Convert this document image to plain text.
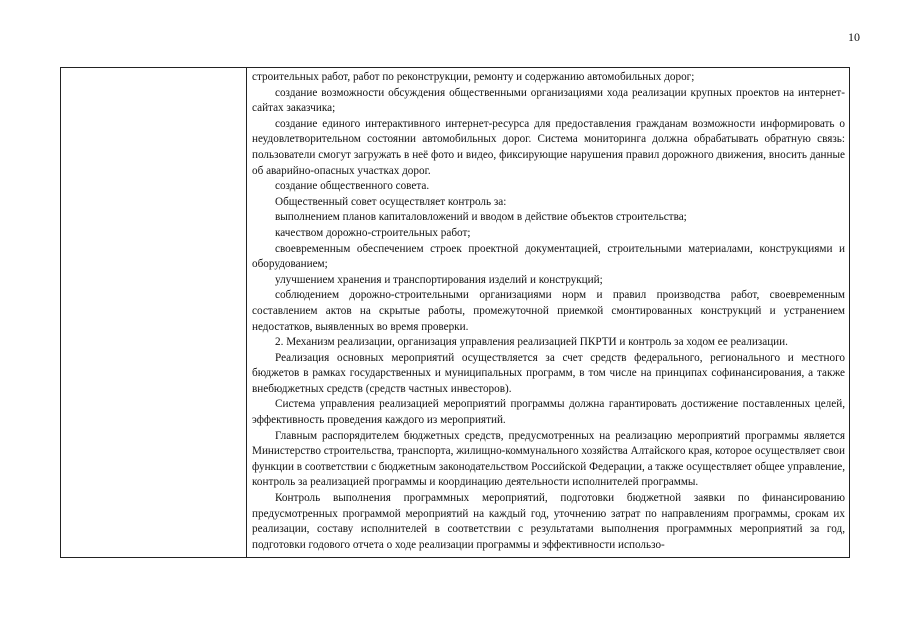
10

строительных работ, работ по реконструкции, ремонту и содержанию автомобильных дорог;

создание возможности обсуждения общественными организациями хода реализации крупных проектов на интернет-сайтах заказчика;

создание единого интерактивного интернет-ресурса для предоставления гражданам возможности информировать о неудовлетворительном состоянии автомобильных дорог. Система мониторинга должна обрабатывать обратную связь: пользователи смогут загружать в неё фото и видео, фиксирующие нарушения правил дорожного движения, вносить данные об аварийно-опасных участках дорог.

создание общественного совета.

Общественный совет осуществляет контроль за:

выполнением планов капиталовложений и вводом в действие объектов строительства;

качеством дорожно-строительных работ;

своевременным обеспечением строек проектной документацией, строительными материалами, конструкциями и оборудованием;

улучшением хранения и транспортирования изделий и конструкций;

соблюдением дорожно-строительными организациями норм и правил производства работ, своевременным составлением актов на скрытые работы, промежуточной приемкой смонтированных конструкций и устранением недостатков, выявленных во время проверки.

2. Механизм реализации, организация управления реализацией ПКРТИ и контроль за ходом ее реализации.

Реализация основных мероприятий осуществляется за счет средств федерального, регионального и местного бюджетов в рамках государственных и муниципальных программ, в том числе на принципах софинансирования, а также внебюджетных средств (средств частных инвесторов).

Система управления реализацией мероприятий программы должна гарантировать достижение поставленных целей, эффективность проведения каждого из мероприятий.

Главным распорядителем бюджетных средств, предусмотренных на реализацию мероприятий программы является Министерство строительства, транспорта, жилищно-коммунального хозяйства Алтайского края, которое осуществляет свои функции в соответствии с бюджетным законодательством Российской Федерации, а также осуществляет общее управление, контроль за реализацией программы и координацию деятельности исполнителей программы.

Контроль выполнения программных мероприятий, подготовки бюджетной заявки по финансированию предусмотренных программой мероприятий на каждый год, уточнению затрат по направлениям программы, срокам их реализации, составу исполнителей в соответствии с результатами выполнения программных мероприятий за год, подготовки годового отчета о ходе реализации программы и эффективности использо-
